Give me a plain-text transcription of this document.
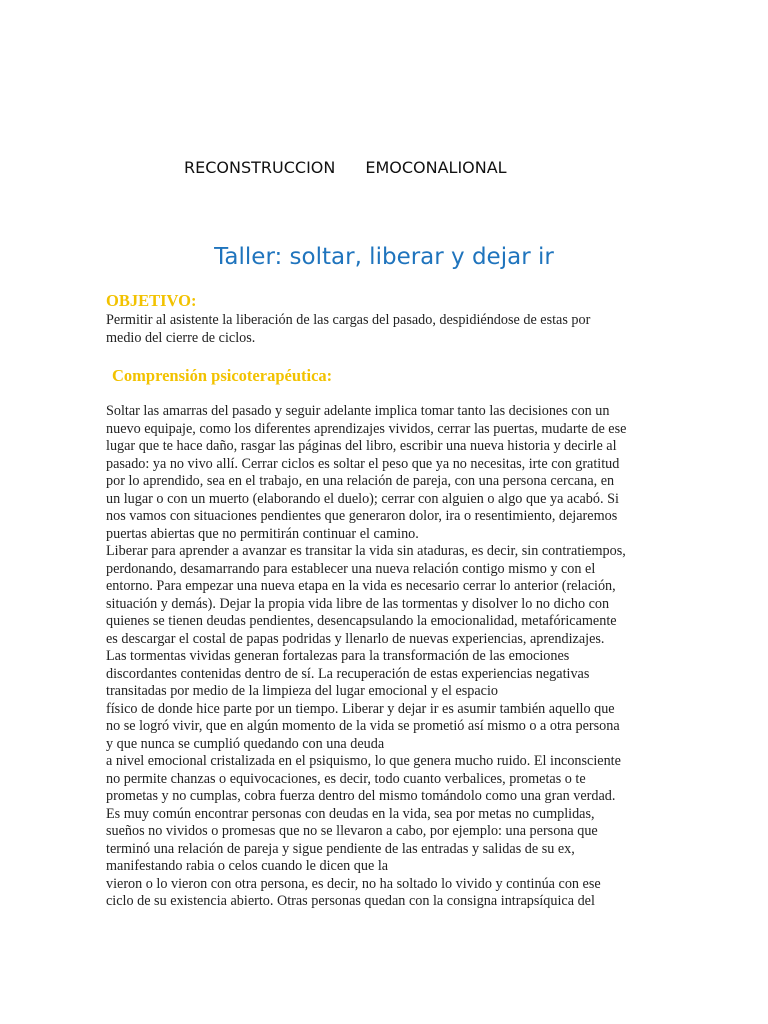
RECONSTRUCCION EMOCONALIONAL
Taller: soltar, liberar y dejar ir
OBJETIVO:
Permitir al asistente la liberación de las cargas del pasado, despidiéndose de estas por
medio del cierre de ciclos.
Comprensión psicoterapéutica:
Soltar las amarras del pasado y seguir adelante implica tomar tanto las decisiones con un
nuevo equipaje, como los diferentes aprendizajes vividos, cerrar las puertas, mudarte de ese
lugar que te hace daño, rasgar las páginas del libro, escribir una nueva historia y decirle al
pasado: ya no vivo allí. Cerrar ciclos es soltar el peso que ya no necesitas, irte con gratitud
por lo aprendido, sea en el trabajo, en una relación de pareja, con una persona cercana, en
un lugar o con un muerto (elaborando el duelo); cerrar con alguien o algo que ya acabó. Si
nos vamos con situaciones pendientes que generaron dolor, ira o resentimiento, dejaremos
puertas abiertas que no permitirán continuar el camino.
Liberar para aprender a avanzar es transitar la vida sin ataduras, es decir, sin contratiempos,
perdonando, desamarrando para establecer una nueva relación contigo mismo y con el
entorno. Para empezar una nueva etapa en la vida es necesario cerrar lo anterior (relación,
situación y demás). Dejar la propia vida libre de las tormentas y disolver lo no dicho con
quienes se tienen deudas pendientes, desencapsulando la emocionalidad, metafóricamente
es descargar el costal de papas podridas y llenarlo de nuevas experiencias, aprendizajes.
Las tormentas vividas generan fortalezas para la transformación de las emociones
discordantes contenidas dentro de sí. La recuperación de estas experiencias negativas
transitadas por medio de la limpieza del lugar emocional y el espacio
físico de donde hice parte por un tiempo. Liberar y dejar ir es asumir también aquello que
no se logró vivir, que en algún momento de la vida se prometió así mismo o a otra persona
y que nunca se cumplió quedando con una deuda
a nivel emocional cristalizada en el psiquismo, lo que genera mucho ruido. El inconsciente
no permite chanzas o equivocaciones, es decir, todo cuanto verbalices, prometas o te
prometas y no cumplas, cobra fuerza dentro del mismo tomándolo como una gran verdad.
Es muy común encontrar personas con deudas en la vida, sea por metas no cumplidas,
sueños no vividos o promesas que no se llevaron a cabo, por ejemplo: una persona que
terminó una relación de pareja y sigue pendiente de las entradas y salidas de su ex,
manifestando rabia o celos cuando le dicen que la
vieron o lo vieron con otra persona, es decir, no ha soltado lo vivido y continúa con ese
ciclo de su existencia abierto. Otras personas quedan con la consigna intrapsíquica del
